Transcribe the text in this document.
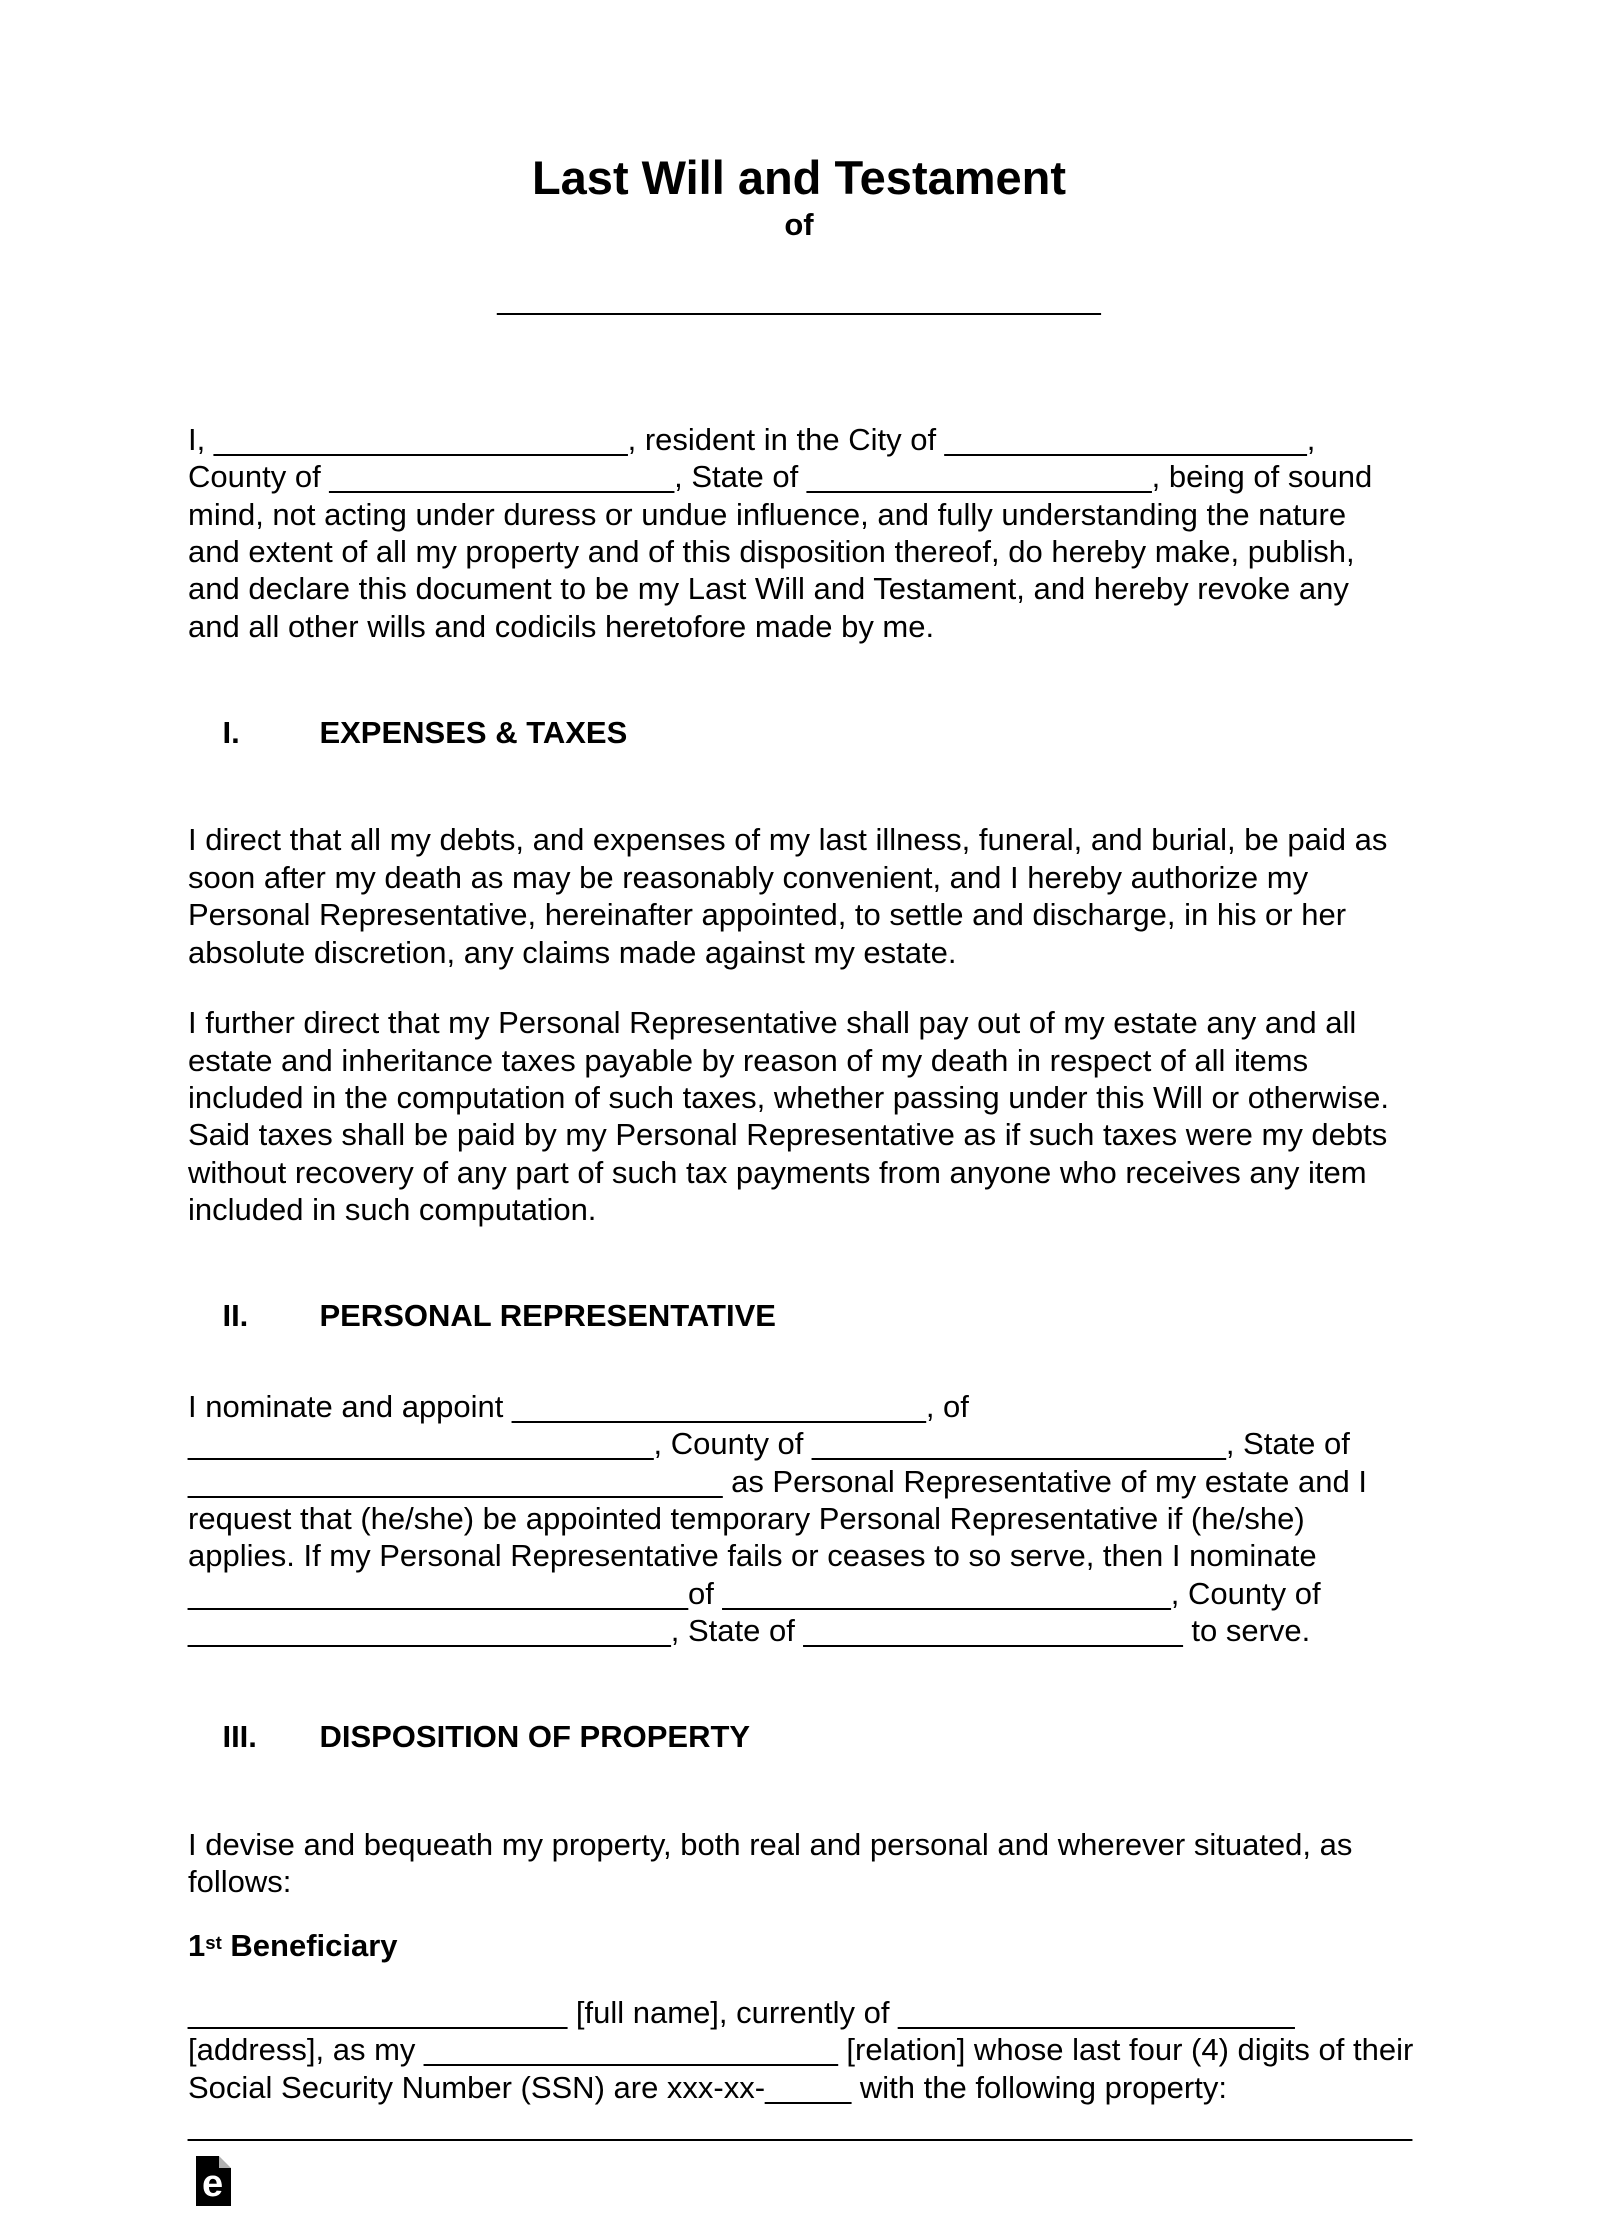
Last Will and Testament
of
___________________________________
I, ________________________, resident in the City of _____________________,
County of ____________________, State of ____________________, being of sound
mind, not acting under duress or undue influence, and fully understanding the nature
and extent of all my property and of this disposition thereof, do hereby make, publish,
and declare this document to be my Last Will and Testament, and hereby revoke any
and all other wills and codicils heretofore made by me.

I.	EXPENSES & TAXES

I direct that all my debts, and expenses of my last illness, funeral, and burial, be paid as
soon after my death as may be reasonably convenient, and I hereby authorize my
Personal Representative, hereinafter appointed, to settle and discharge, in his or her
absolute discretion, any claims made against my estate.
I further direct that my Personal Representative shall pay out of my estate any and all
estate and inheritance taxes payable by reason of my death in respect of all items
included in the computation of such taxes, whether passing under this Will or otherwise.
Said taxes shall be paid by my Personal Representative as if such taxes were my debts
without recovery of any part of such tax payments from anyone who receives any item
included in such computation.

II. PERSONAL REPRESENTATIVE

I nominate and appoint ________________________, of
___________________________, County of ________________________, State of
_______________________________ as Personal Representative of my estate and I
request that (he/she) be appointed temporary Personal Representative if (he/she)
applies. If my Personal Representative fails or ceases to so serve, then I nominate
_____________________________of __________________________, County of
____________________________, State of ______________________ to serve.

III. DISPOSITION OF PROPERTY

I devise and bequeath my property, both real and personal and wherever situated, as
follows:
1st Beneficiary
______________________ [full name], currently of _______________________
[address], as my ________________________ [relation] whose last four (4) digits of their
Social Security Number (SSN) are xxx-xx-_____ with the following property:
_______________________________________________________________________
e
